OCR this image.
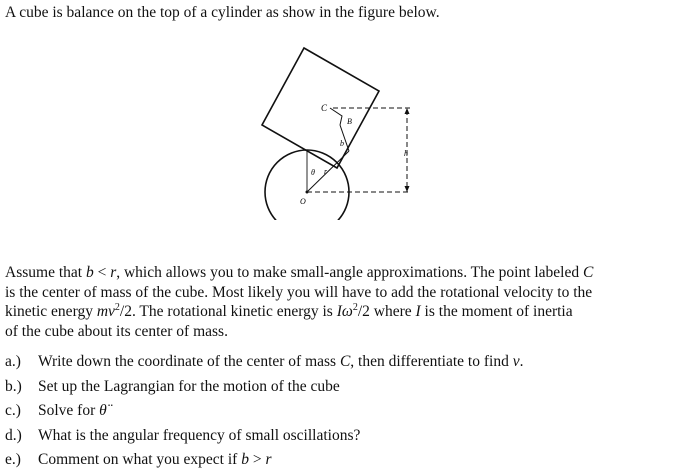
A cube is balance on the top of a cylinder as show in the figure below.
C
B
b
h
θ r
O
Assume that b < r, which allows you to make small-angle approximations. The point labeled C
is the center of mass of the cube. Most likely you will have to add the rotational velocity to the
kinetic energy $mv^2/2$. The rotational kinetic energy is $I\omega^2/2$ where I is the moment of inertia
of the cube about its center of mass.
a.)	Write down the coordinate of the center of mass C, then differentiate to find v.
b.)	Set up the Lagrangian for the motion of the cube
c.)	Solve for θ̈
d.)	What is the angular frequency of small oscillations?
e.)	Comment on what you expect if b > r
